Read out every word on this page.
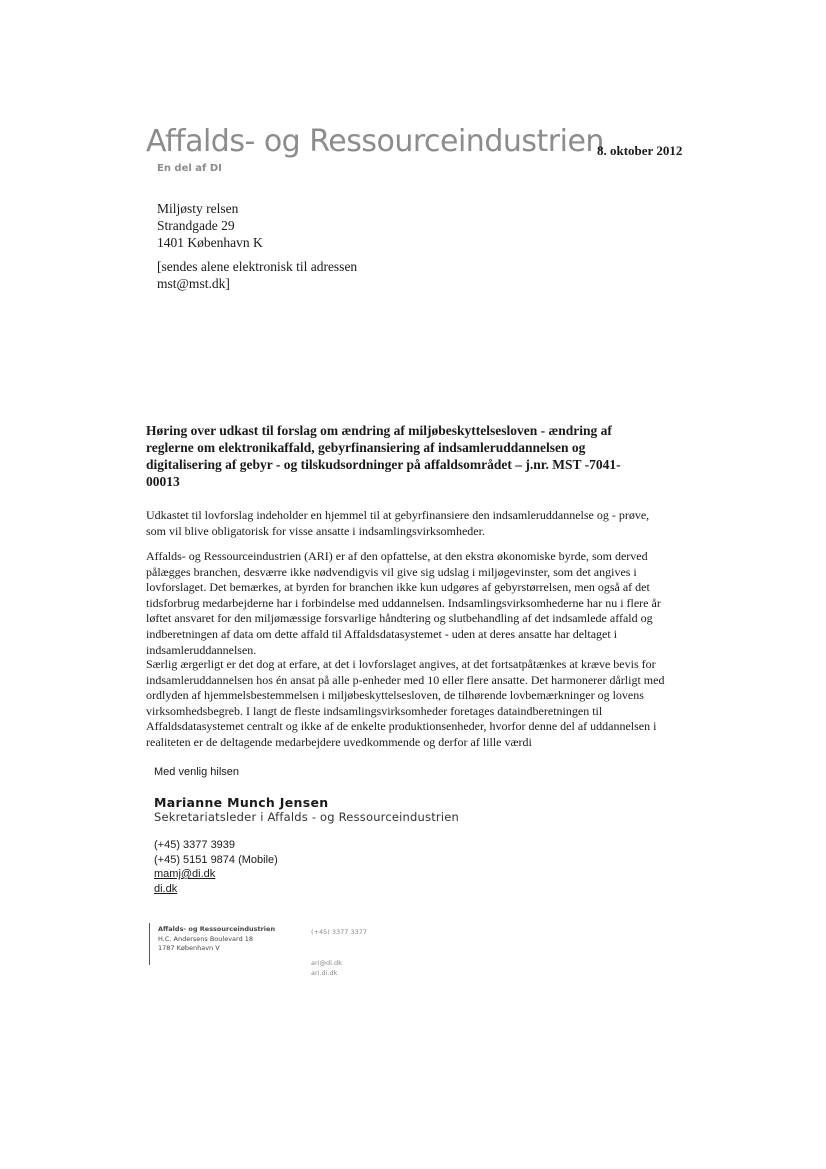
Affalds- og Ressourceindustrien
En del af DI
8. oktober 2012
Miljøsty relsen
Strandgade 29
1401 København K
[sendes alene elektronisk til adressen
mst@mst.dk]
Høring over udkast til forslag om ændring af miljøbeskyttelsesloven - ændring af
reglerne om elektronikaffald, gebyrfinansiering af indsamleruddannelsen og
digitalisering af gebyr - og tilskudsordninger på affaldsområdet – j.nr. MST -7041-
00013
Udkastet til lovforslag indeholder en hjemmel til at gebyrfinansiere den indsamleruddannelse og - prøve,
som vil blive obligatorisk for visse ansatte i indsamlingsvirksomheder.
Affalds- og Ressourceindustrien (ARI) er af den opfattelse, at den ekstra økonomiske byrde, som derved
pålægges branchen, desværre ikke nødvendigvis vil give sig udslag i miljøgevinster, som det angives i
lovforslaget. Det bemærkes, at byrden for branchen ikke kun udgøres af gebyrstørrelsen, men også af det
tidsforbrug medarbejderne har i forbindelse med uddannelsen. Indsamlingsvirksomhederne har nu i flere år
løftet ansvaret for den miljømæssige forsvarlige håndtering og slutbehandling af det indsamlede affald og
indberetningen af data om dette affald til Affaldsdatasystemet - uden at deres ansatte har deltaget i
indsamleruddannelsen.
Særlig ærgerligt er det dog at erfare, at det i lovforslaget angives, at det fortsatpåtænkes at kræve bevis for
indsamleruddannelsen hos én ansat på alle p-enheder med 10 eller flere ansatte. Det harmonerer dårligt med
ordlyden af hjemmelsbestemmelsen i miljøbeskyttelsesloven, de tilhørende lovbemærkninger og lovens
virksomhedsbegreb. I langt de fleste indsamlingsvirksomheder foretages dataindberetningen til
Affaldsdatasystemet centralt og ikke af de enkelte produktionsenheder, hvorfor denne del af uddannelsen i
realiteten er de deltagende medarbejdere uvedkommende og derfor af lille værdi
Med venlig hilsen
Marianne Munch Jensen
Sekretariatsleder i Affalds - og Ressourceindustrien
(+45) 3377 3939
(+45) 5151 9874 (Mobile)
mamj@di.dk
di.dk
Affalds- og Ressourceindustrien
H.C. Andersens Boulevard 18
1787 København V
(+45) 3377 3377
ari@di.dk
ari.di.dk
